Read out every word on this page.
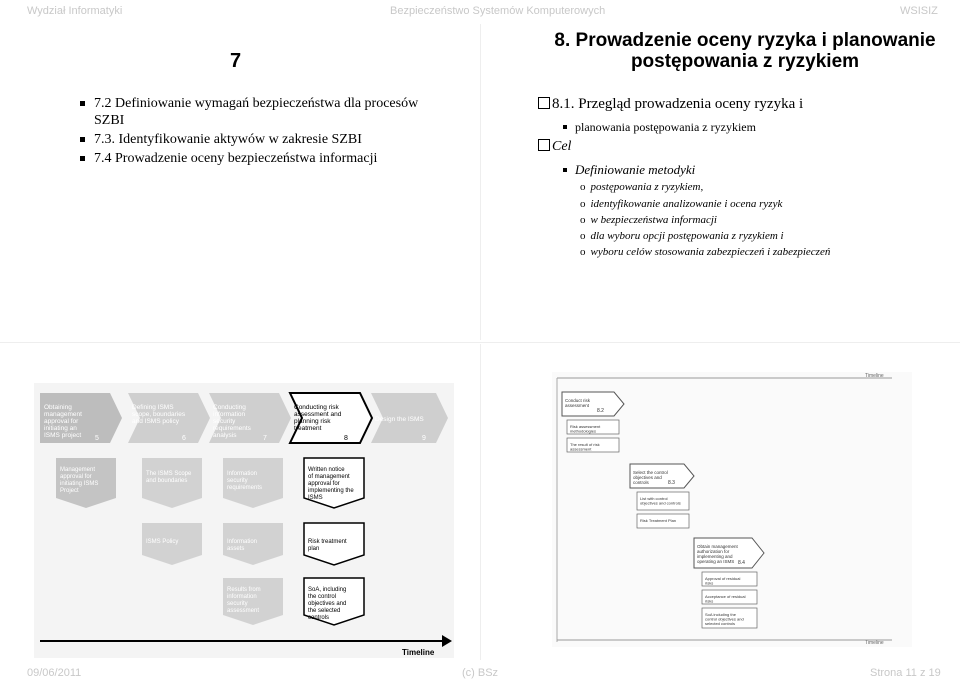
Wydział Informatyki	Bezpieczeństwo Systemów Komputerowych	WSISIZ
7
7.2 Definiowanie wymagań bezpieczeństwa dla procesów SZBI
7.3. Identyfikowanie aktywów w zakresie SZBI
7.4 Prowadzenie oceny bezpieczeństwa informacji
8. Prowadzenie oceny ryzyka i planowanie postępowania z ryzykiem
8.1. Przegląd prowadzenia oceny ryzyka i
planowania postępowania z ryzykiem
Cel
Definiowanie metodyki
o postępowania z ryzykiem,
o identyfikowanie analizowanie i ocena ryzyk
o w bezpieczeństwa informacji
o dla wyboru opcji postępowania z ryzykiem i
o wyboru celów stosowania zabezpieczeń i zabezpieczeń
Obtaining management approval for initiating an ISMS project 5
Defining ISMS scope, boundaries and ISMS policy
6
Conducting information security requirements analysis	7
Conducting risk assessment and planning risk treatment
8
Design the ISMS
9
Management approval for initiating ISMS Project
The ISMS Scope and boundaries
Information security requirements
Written notice of management approval for implementing the ISMS
ISMS Policy	Information assets
Risk treatment plan
Results from information security assessment
SoA, including the control objectives and the selected controls
Timeline
Timeline
Conduct risk assessment
8.2
Risk assessment methodologies
The result of risk assessment
Select the control objectives and controls	8.3
List with control objectives and controls
Risk Treatment Plan
Obtain management authorization for implementing and operating an ISMS 8.4
Approval of residual risks
Acceptance of residual risks
SoA including the control objectives and selected controls
Timeline
09/06/2011	(c) BSz	Strona 11 z 19
